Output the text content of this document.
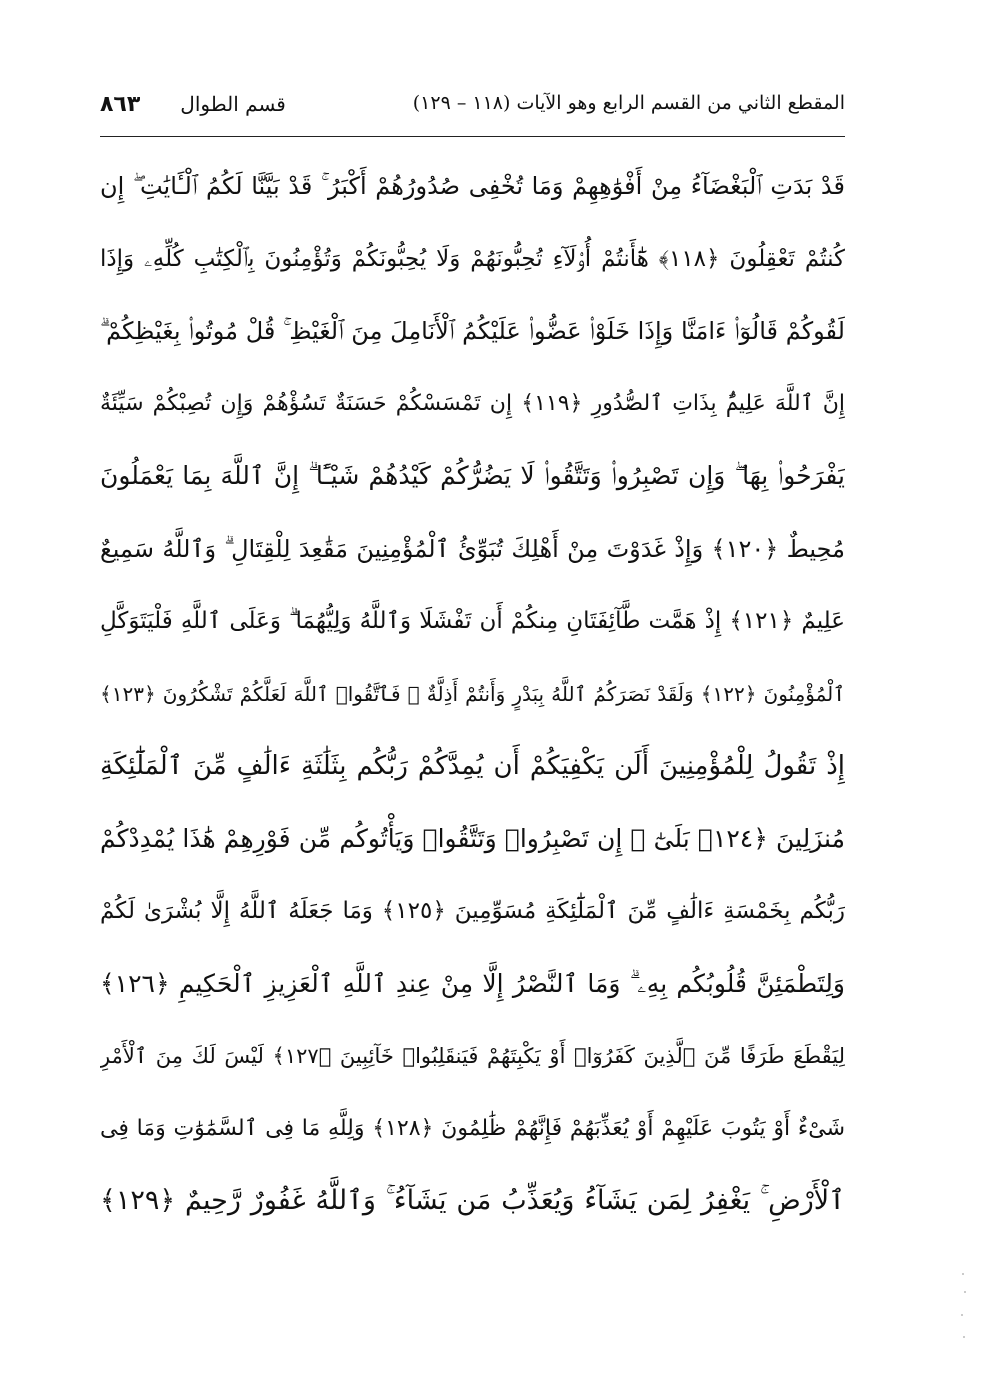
المقطع الثاني من القسم الرابع وهو الآيات (١١٨ – ١٢٩)
قسم الطوال
٨٦٣
قَدْ بَدَتِ ٱلْبَغْضَآءُ مِنْ أَفْوَٰهِهِمْ وَمَا تُخْفِى صُدُورُهُمْ أَكْبَرُ ۚ قَدْ بَيَّنَّا لَكُمُ ٱلْـَٔايَٰتِ ۖ إِن
كُنتُمْ تَعْقِلُونَ ﴿١١٨﴾ هَٰٓأَنتُمْ أُو۟لَآءِ تُحِبُّونَهُمْ وَلَا يُحِبُّونَكُمْ وَتُؤْمِنُونَ بِٱلْكِتَٰبِ كُلِّهِۦ وَإِذَا
لَقُوكُمْ قَالُوٓا۟ ءَامَنَّا وَإِذَا خَلَوْا۟ عَضُّوا۟ عَلَيْكُمُ ٱلْأَنَامِلَ مِنَ ٱلْغَيْظِ ۚ قُلْ مُوتُوا۟ بِغَيْظِكُمْ ۗ
إِنَّ ٱللَّهَ عَلِيمٌۢ بِذَاتِ ٱلصُّدُورِ ﴿١١٩﴾ إِن تَمْسَسْكُمْ حَسَنَةٌ تَسُؤْهُمْ وَإِن تُصِبْكُمْ سَيِّئَةٌ
يَفْرَحُوا۟ بِهَا ۖ وَإِن تَصْبِرُوا۟ وَتَتَّقُوا۟ لَا يَضُرُّكُمْ كَيْدُهُمْ شَيْـًٔا ۗ إِنَّ ٱللَّهَ بِمَا يَعْمَلُونَ
مُحِيطٌ ﴿١٢٠﴾ وَإِذْ غَدَوْتَ مِنْ أَهْلِكَ تُبَوِّئُ ٱلْمُؤْمِنِينَ مَقَٰعِدَ لِلْقِتَالِ ۗ وَٱللَّهُ سَمِيعٌ
عَلِيمٌ ﴿١٢١﴾ إِذْ هَمَّت طَّآئِفَتَانِ مِنكُمْ أَن تَفْشَلَا وَٱللَّهُ وَلِيُّهُمَا ۗ وَعَلَى ٱللَّهِ فَلْيَتَوَكَّلِ
ٱلْمُؤْمِنُونَ ﴿١٢٢﴾ وَلَقَدْ نَصَرَكُمُ ٱللَّهُ بِبَدْرٍ وَأَنتُمْ أَذِلَّةٌ ۖ فَٱتَّقُوا۟ ٱللَّهَ لَعَلَّكُمْ تَشْكُرُونَ ﴿١٢٣﴾
إِذْ تَقُولُ لِلْمُؤْمِنِينَ أَلَن يَكْفِيَكُمْ أَن يُمِدَّكُمْ رَبُّكُم بِثَلَٰثَةِ ءَالَٰفٍ مِّنَ ٱلْمَلَٰٓئِكَةِ
مُنزَلِينَ ﴿١٢٤﴾ بَلَىٰٓ ۚ إِن تَصْبِرُوا۟ وَتَتَّقُوا۟ وَيَأْتُوكُم مِّن فَوْرِهِمْ هَٰذَا يُمْدِدْكُمْ
رَبُّكُم بِخَمْسَةِ ءَالَٰفٍ مِّنَ ٱلْمَلَٰٓئِكَةِ مُسَوِّمِينَ ﴿١٢٥﴾ وَمَا جَعَلَهُ ٱللَّهُ إِلَّا بُشْرَىٰ لَكُمْ
وَلِتَطْمَئِنَّ قُلُوبُكُم بِهِۦ ۗ وَمَا ٱلنَّصْرُ إِلَّا مِنْ عِندِ ٱللَّهِ ٱلْعَزِيزِ ٱلْحَكِيمِ ﴿١٢٦﴾
لِيَقْطَعَ طَرَفًا مِّنَ ٱلَّذِينَ كَفَرُوٓا۟ أَوْ يَكْبِتَهُمْ فَيَنقَلِبُوا۟ خَآئِبِينَ ﴿١٢٧﴾ لَيْسَ لَكَ مِنَ ٱلْأَمْرِ
شَىْءٌ أَوْ يَتُوبَ عَلَيْهِمْ أَوْ يُعَذِّبَهُمْ فَإِنَّهُمْ ظَٰلِمُونَ ﴿١٢٨﴾ وَلِلَّهِ مَا فِى ٱلسَّمَٰوَٰتِ وَمَا فِى
ٱلْأَرْضِ ۚ يَغْفِرُ لِمَن يَشَآءُ وَيُعَذِّبُ مَن يَشَآءُ ۚ وَٱللَّهُ غَفُورٌ رَّحِيمٌ ﴿١٢٩﴾
